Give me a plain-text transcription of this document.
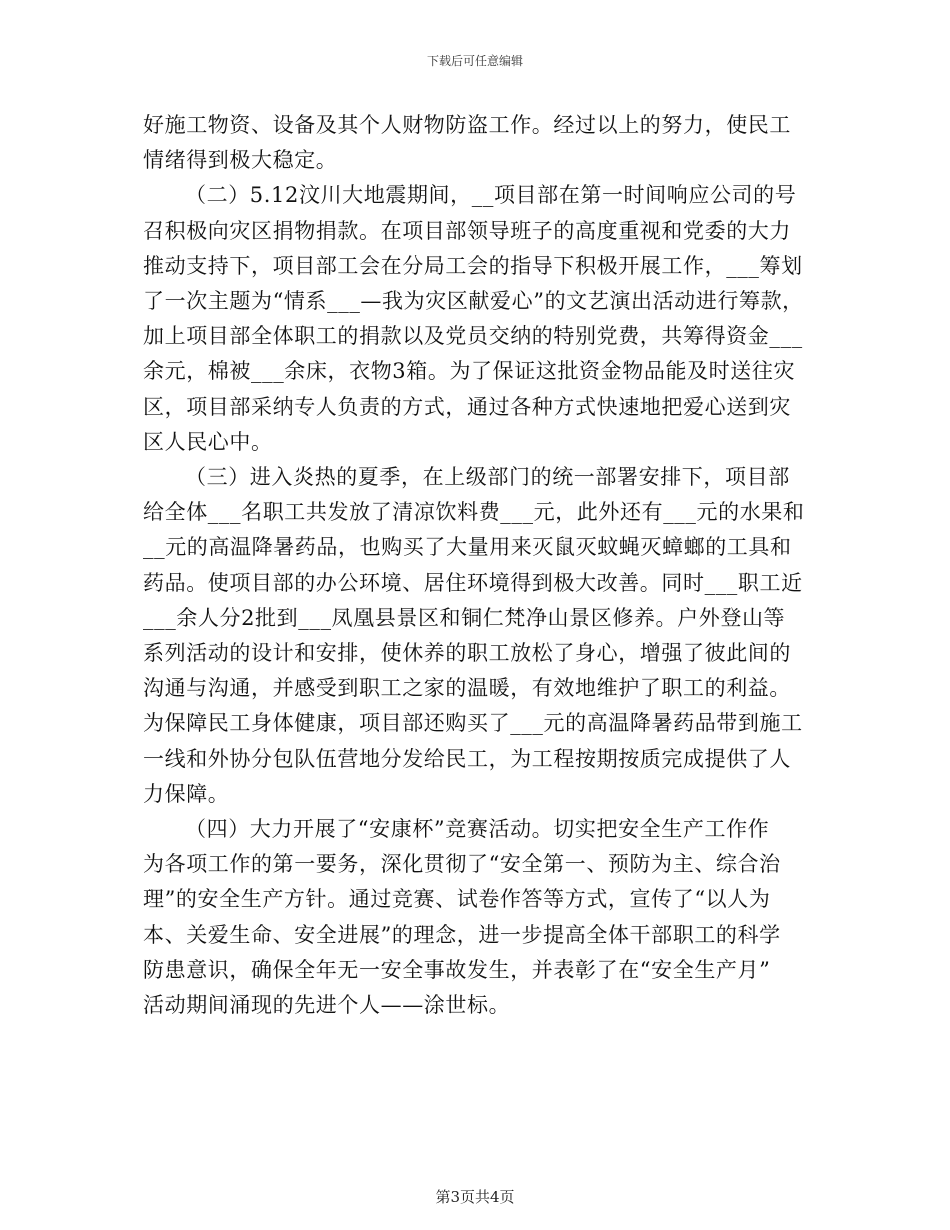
下载后可任意编辑
好施工物资、设备及其个人财物防盗工作。经过以上的努力，使民工
情绪得到极大稳定。
（二）5.12汶川大地震期间，__项目部在第一时间响应公司的号
召积极向灾区捐物捐款。在项目部领导班子的高度重视和党委的大力
推动支持下，项目部工会在分局工会的指导下积极开展工作，___筹划
了一次主题为“情系___—我为灾区献爱心”的文艺演出活动进行筹款，
加上项目部全体职工的捐款以及党员交纳的特别党费，共筹得资金___
余元，棉被___余床，衣物3箱。为了保证这批资金物品能及时送往灾
区，项目部采纳专人负责的方式，通过各种方式快速地把爱心送到灾
区人民心中。
（三）进入炎热的夏季，在上级部门的统一部署安排下，项目部
给全体___名职工共发放了清凉饮料费___元，此外还有___元的水果和
__元的高温降暑药品，也购买了大量用来灭鼠灭蚊蝇灭蟑螂的工具和
药品。使项目部的办公环境、居住环境得到极大改善。同时___职工近
___余人分2批到___凤凰县景区和铜仁梵净山景区修养。户外登山等
系列活动的设计和安排，使休养的职工放松了身心，增强了彼此间的
沟通与沟通，并感受到职工之家的温暖，有效地维护了职工的利益。
为保障民工身体健康，项目部还购买了___元的高温降暑药品带到施工
一线和外协分包队伍营地分发给民工，为工程按期按质完成提供了人
力保障。
（四）大力开展了“安康杯”竞赛活动。切实把安全生产工作作
为各项工作的第一要务，深化贯彻了“安全第一、预防为主、综合治
理”的安全生产方针。通过竞赛、试卷作答等方式，宣传了“以人为
本、关爱生命、安全进展”的理念，进一步提高全体干部职工的科学
防患意识，确保全年无一安全事故发生，并表彰了在“安全生产月”
活动期间涌现的先进个人——涂世标。
第3页共4页
